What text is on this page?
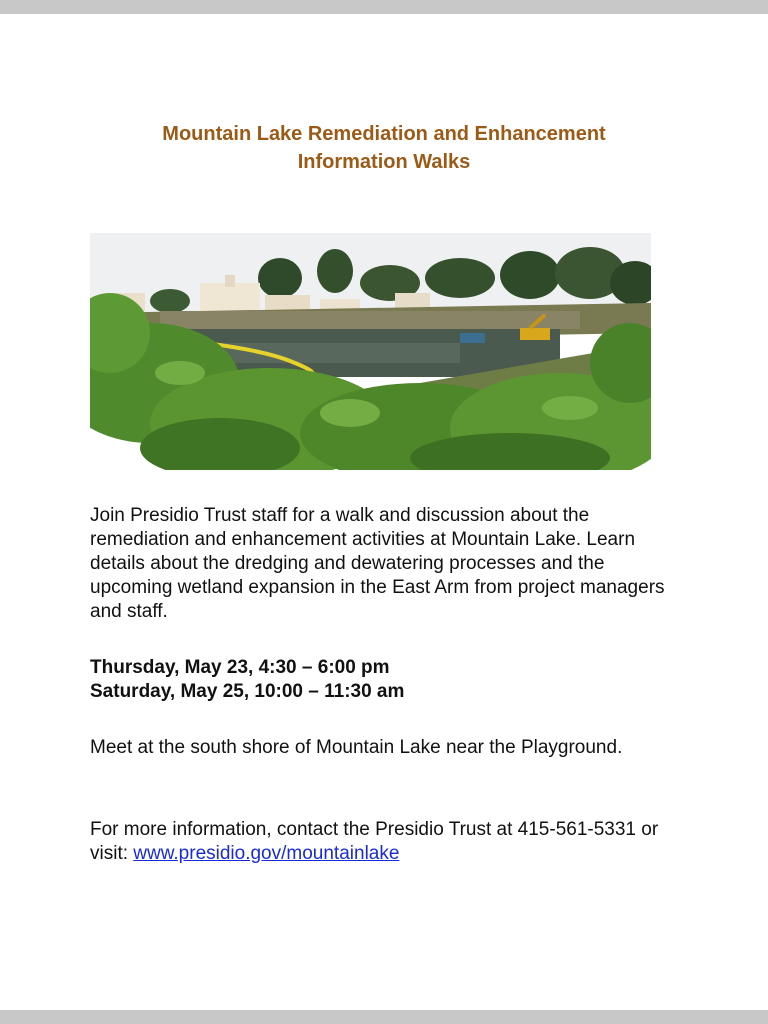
Mountain Lake Remediation and Enhancement
Information Walks

Join Presidio Trust staff for a walk and discussion about the remediation and enhancement activities at Mountain Lake. Learn details about the dredging and dewatering processes and the upcoming wetland expansion in the East Arm from project managers and staff.

Thursday, May 23, 4:30 – 6:00 pm
Saturday, May 25, 10:00 – 11:30 am

Meet at the south shore of Mountain Lake near the Playground.

For more information, contact the Presidio Trust at 415-561-5331 or visit: www.presidio.gov/mountainlake
